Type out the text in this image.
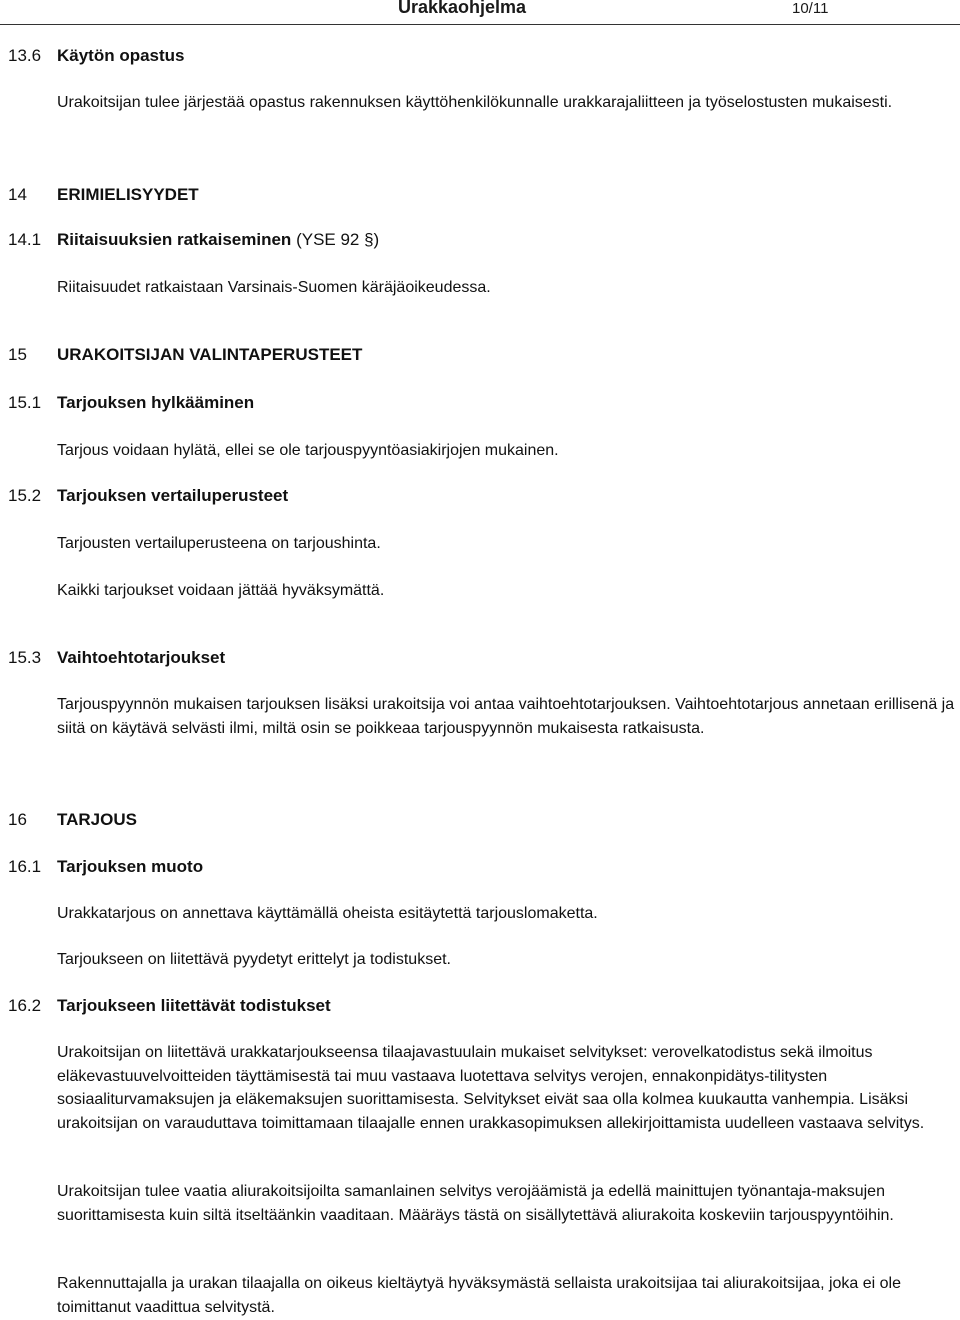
Urakkaohjelma	10/11
13.6 Käytön opastus
Urakoitsijan tulee järjestää opastus rakennuksen käyttöhenkilökunnalle urakkarajaliitteen ja työselostusten mukaisesti.
14 ERIMIELISYYDET
14.1 Riitaisuuksien ratkaiseminen (YSE 92 §)
Riitaisuudet ratkaistaan Varsinais-Suomen käräjäoikeudessa.
15 URAKOITSIJAN VALINTAPERUSTEET
15.1 Tarjouksen hylkääminen
Tarjous voidaan hylätä, ellei se ole tarjouspyyntöasiakirjojen mukainen.
15.2 Tarjouksen vertailuperusteet
Tarjousten vertailuperusteena on tarjoushinta.
Kaikki tarjoukset voidaan jättää hyväksymättä.
15.3 Vaihtoehtotarjoukset
Tarjouspyynnön mukaisen tarjouksen lisäksi urakoitsija voi antaa vaihtoehtotarjouksen. Vaihtoehtotarjous annetaan erillisenä ja siitä on käytävä selvästi ilmi, miltä osin se poikkeaa tarjouspyynnön mukaisesta ratkaisusta.
16 TARJOUS
16.1 Tarjouksen muoto
Urakkatarjous on annettava käyttämällä oheista esitäytettä tarjouslomaketta.
Tarjoukseen on liitettävä pyydetyt erittelyt ja todistukset.
16.2 Tarjoukseen liitettävät todistukset
Urakoitsijan on liitettävä urakkatarjoukseensa tilaajavastuulain mukaiset selvitykset: verovelkatodistus sekä ilmoitus eläkevastuuvelvoitteiden täyttämisestä tai muu vastaava luotettava selvitys verojen, ennakonpidätys-tilitysten sosiaaliturvamaksujen ja eläkemaksujen suorittamisesta. Selvitykset eivät saa olla kolmea kuukautta vanhempia. Lisäksi urakoitsijan on varauduttava toimittamaan tilaajalle ennen urakkasopimuksen allekirjoittamista uudelleen vastaava selvitys.
Urakoitsijan tulee vaatia aliurakoitsijoilta samanlainen selvitys verojäämistä ja edellä mainittujen työnantaja-maksujen suorittamisesta kuin siltä itseltäänkin vaaditaan. Määräys tästä on sisällytettävä aliurakoita koskeviin tarjouspyyntöihin.
Rakennuttajalla ja urakan tilaajalla on oikeus kieltäytyä hyväksymästä sellaista urakoitsijaa tai aliurakoitsijaa, joka ei ole toimittanut vaadittua selvitystä.
